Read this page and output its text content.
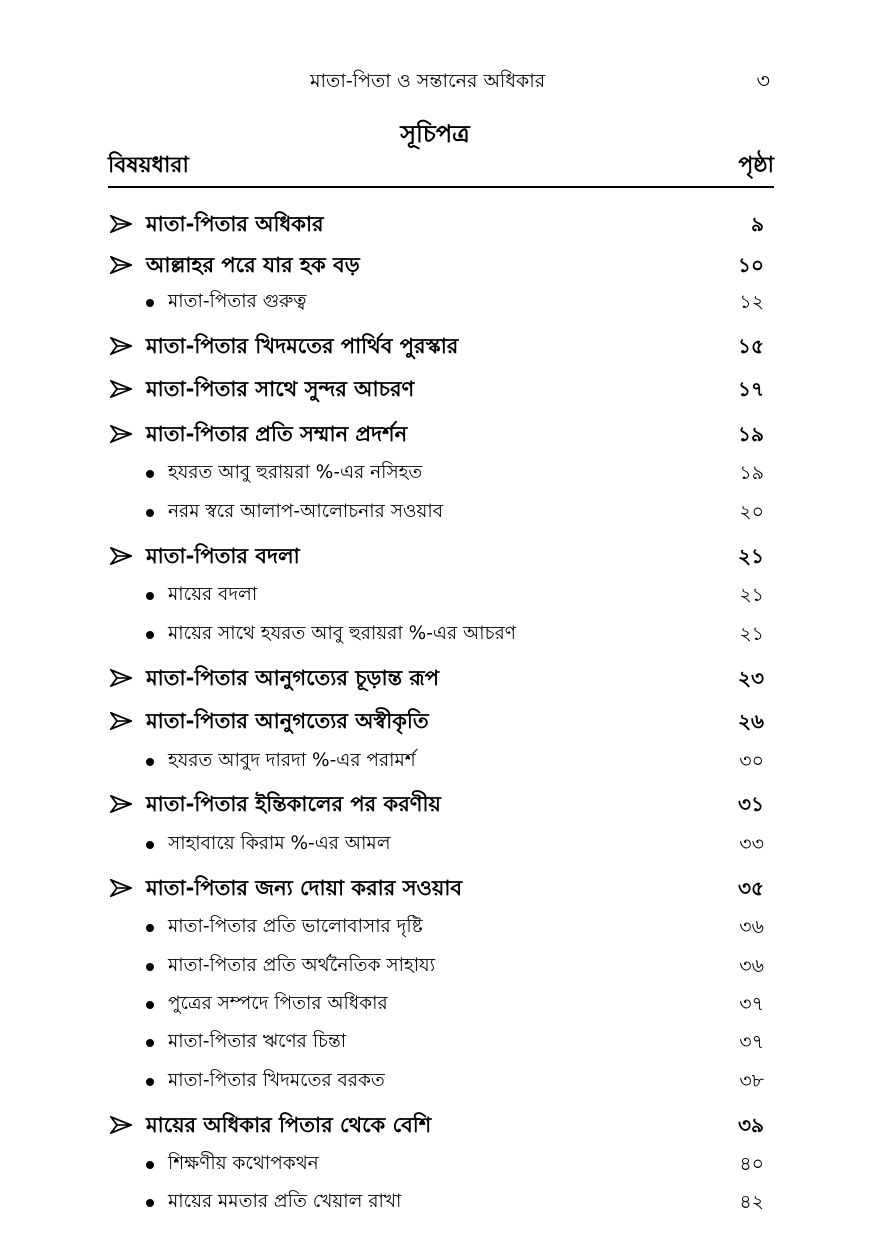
মাতা-পিতা ও সন্তানের অধিকার	৩
সূচিপত্র
বিষয়ধারা	পৃষ্ঠা
মাতা-পিতার অধিকার	৯
আল্লাহর পরে যার হক বড়	১০
মাতা-পিতার গুরুত্ব	১২
মাতা-পিতার খিদমতের পার্থিব পুরস্কার	১৫
মাতা-পিতার সাথে সুন্দর আচরণ	১৭
মাতা-পিতার প্রতি সম্মান প্রদর্শন	১৯
হযরত আবু হুরায়রা %-এর নসিহত	১৯
নরম স্বরে আলাপ-আলোচনার সওয়াব	২০
মাতা-পিতার বদলা	২১
মায়ের বদলা	২১
মায়ের সাথে হযরত আবু হুরায়রা %-এর আচরণ	২১
মাতা-পিতার আনুগত্যের চূড়ান্ত রূপ	২৩
মাতা-পিতার আনুগত্যের অস্বীকৃতি	২৬
হযরত আবুদ দারদা %-এর পরামর্শ	৩০
মাতা-পিতার ইন্তিকালের পর করণীয়	৩১
সাহাবায়ে কিরাম %-এর আমল	৩৩
মাতা-পিতার জন্য দোয়া করার সওয়াব	৩৫
মাতা-পিতার প্রতি ভালোবাসার দৃষ্টি	৩৬
মাতা-পিতার প্রতি অর্থনৈতিক সাহায্য	৩৬
পুত্রের সম্পদে পিতার অধিকার	৩৭
মাতা-পিতার ঋণের চিন্তা	৩৭
মাতা-পিতার খিদমতের বরকত	৩৮
মায়ের অধিকার পিতার থেকে বেশি	৩৯
শিক্ষণীয় কথোপকথন	৪০
মায়ের মমতার প্রতি খেয়াল রাখা	৪২
